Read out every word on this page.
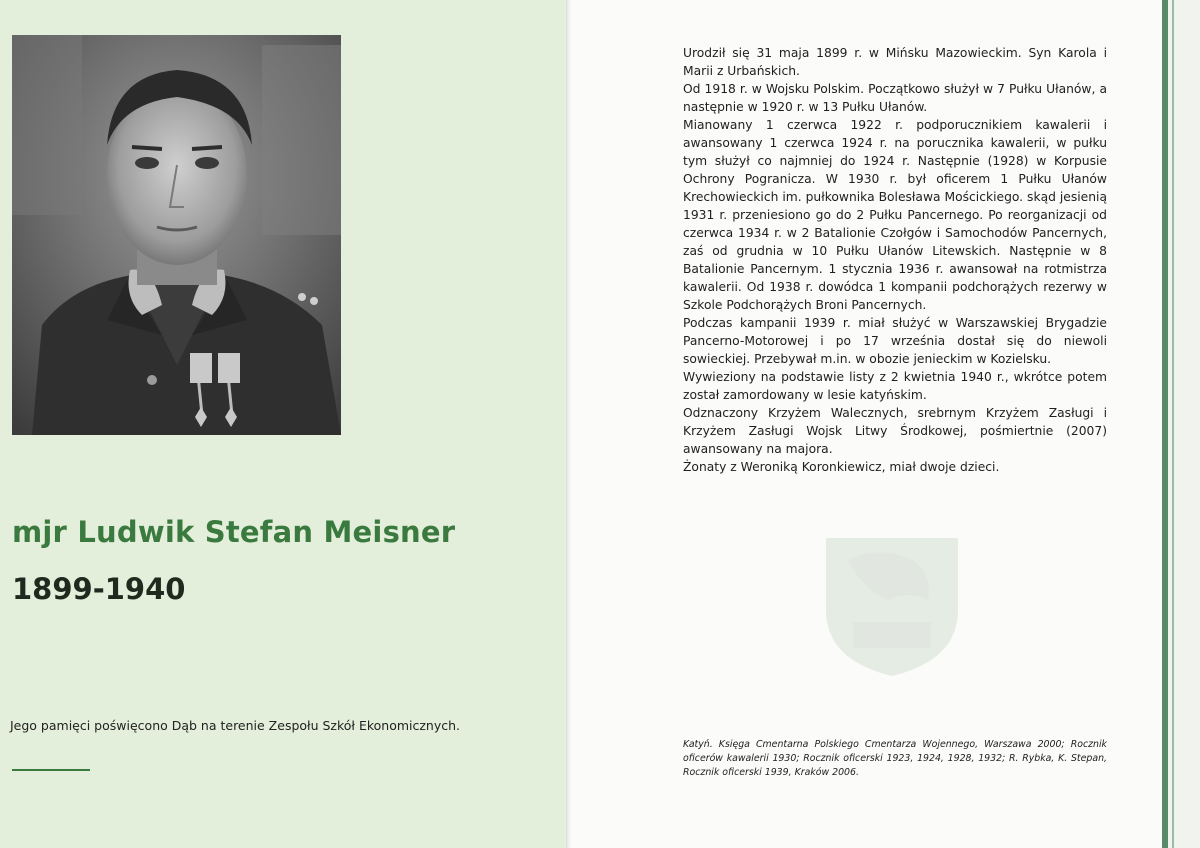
mjr Ludwik Stefan Meisner
1899-1940

Jego pamięci poświęcono Dąb na terenie Zespołu Szkół Ekonomicznych.

Urodził się 31 maja 1899 r. w Mińsku Mazowieckim. Syn Karola i Marii z Urbańskich.

Od 1918 r. w Wojsku Polskim. Początkowo służył w 7 Pułku Ułanów, a następnie w 1920 r. w 13 Pułku Ułanów.

Mianowany 1 czerwca 1922 r. podporucznikiem kawalerii i awansowany 1 czerwca 1924 r. na porucznika kawalerii, w pułku tym służył co najmniej do 1924 r. Następnie (1928) w Korpusie Ochrony Pogranicza. W 1930 r. był oficerem 1 Pułku Ułanów Krechowieckich im. pułkownika Bolesława Mościckiego. skąd jesienią 1931 r. przeniesiono go do 2 Pułku Pancernego. Po reorganizacji od czerwca 1934 r. w 2 Batalionie Czołgów i Samochodów Pancernych, zaś od grudnia w 10 Pułku Ułanów Litewskich. Następnie w 8 Batalionie Pancernym. 1 stycznia 1936 r. awansował na rotmistrza kawalerii. Od 1938 r. dowódca 1 kompanii podchorążych rezerwy w Szkole Podchorążych Broni Pancernych.

Podczas kampanii 1939 r. miał służyć w Warszawskiej Brygadzie Pancerno-Motorowej i po 17 września dostał się do niewoli sowieckiej. Przebywał m.in. w obozie jenieckim w Kozielsku.

Wywieziony na podstawie listy z 2 kwietnia 1940 r., wkrótce potem został zamordowany w lesie katyńskim.

Odznaczony Krzyżem Walecznych, srebrnym Krzyżem Zasługi i Krzyżem Zasługi Wojsk Litwy Środkowej, pośmiertnie (2007) awansowany na majora.

Żonaty z Weroniką Koronkiewicz, miał dwoje dzieci.

Katyń. Księga Cmentarna Polskiego Cmentarza Wojennego, Warszawa 2000; Rocznik oficerów kawalerii 1930; Rocznik oficerski 1923, 1924, 1928, 1932; R. Rybka, K. Stepan, Rocznik oficerski 1939, Kraków 2006.
